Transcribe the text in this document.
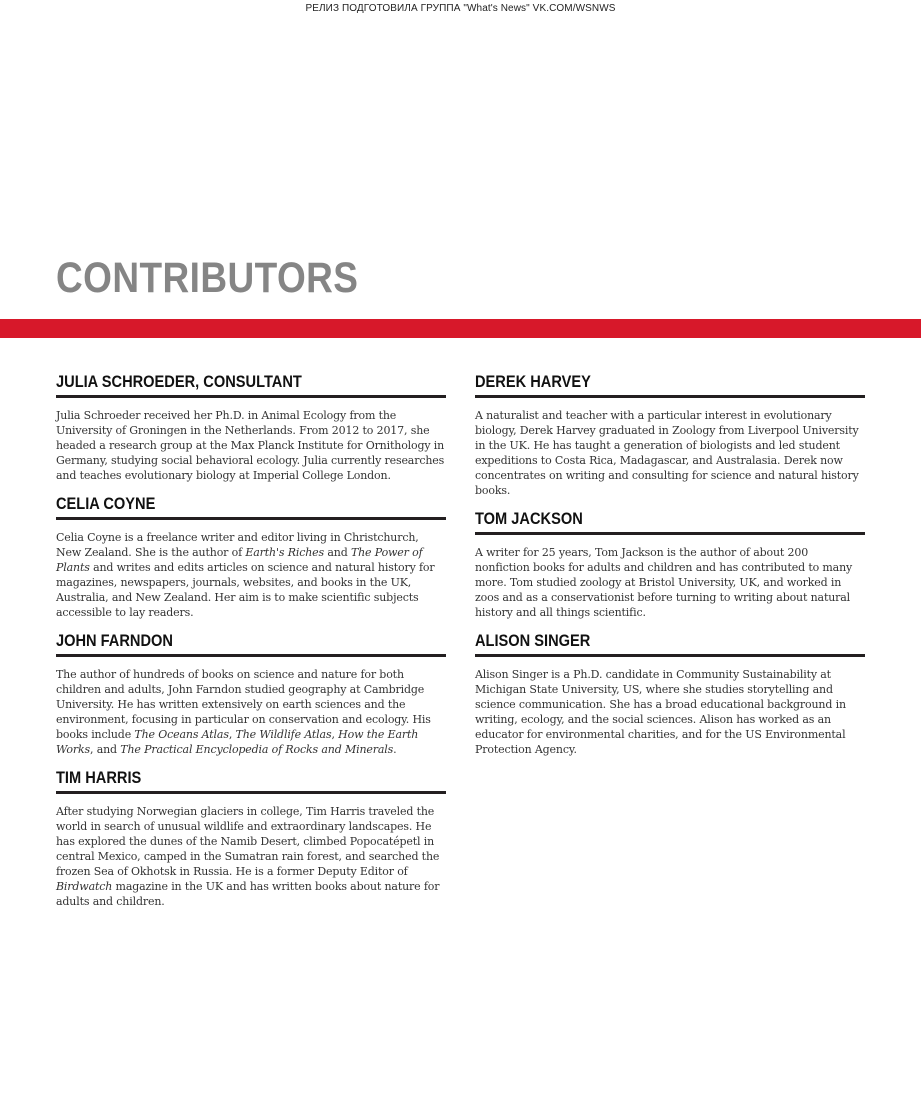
РЕЛИЗ ПОДГОТОВИЛА ГРУППА "What's News" VK.COM/WSNWS
CONTRIBUTORS
JULIA SCHROEDER, CONSULTANT

Julia Schroeder received her Ph.D. in Animal Ecology from the University of Groningen in the Netherlands. From 2012 to 2017, she headed a research group at the Max Planck Institute for Ornithology in Germany, studying social behavioral ecology. Julia currently researches and teaches evolutionary biology at Imperial College London.

CELIA COYNE

Celia Coyne is a freelance writer and editor living in Christchurch, New Zealand. She is the author of Earth's Riches and The Power of Plants and writes and edits articles on science and natural history for magazines, newspapers, journals, websites, and books in the UK, Australia, and New Zealand. Her aim is to make scientific subjects accessible to lay readers.

JOHN FARNDON

The author of hundreds of books on science and nature for both children and adults, John Farndon studied geography at Cambridge University. He has written extensively on earth sciences and the environment, focusing in particular on conservation and ecology. His books include The Oceans Atlas, The Wildlife Atlas, How the Earth Works, and The Practical Encyclopedia of Rocks and Minerals.

TIM HARRIS

After studying Norwegian glaciers in college, Tim Harris traveled the world in search of unusual wildlife and extraordinary landscapes. He has explored the dunes of the Namib Desert, climbed Popocatépetl in central Mexico, camped in the Sumatran rain forest, and searched the frozen Sea of Okhotsk in Russia. He is a former Deputy Editor of Birdwatch magazine in the UK and has written books about nature for adults and children.

DEREK HARVEY

A naturalist and teacher with a particular interest in evolutionary biology, Derek Harvey graduated in Zoology from Liverpool University in the UK. He has taught a generation of biologists and led student expeditions to Costa Rica, Madagascar, and Australasia. Derek now concentrates on writing and consulting for science and natural history books.

TOM JACKSON

A writer for 25 years, Tom Jackson is the author of about 200 nonfiction books for adults and children and has contributed to many more. Tom studied zoology at Bristol University, UK, and worked in zoos and as a conservationist before turning to writing about natural history and all things scientific.

ALISON SINGER

Alison Singer is a Ph.D. candidate in Community Sustainability at Michigan State University, US, where she studies storytelling and science communication. She has a broad educational background in writing, ecology, and the social sciences. Alison has worked as an educator for environmental charities, and for the US Environmental Protection Agency.
